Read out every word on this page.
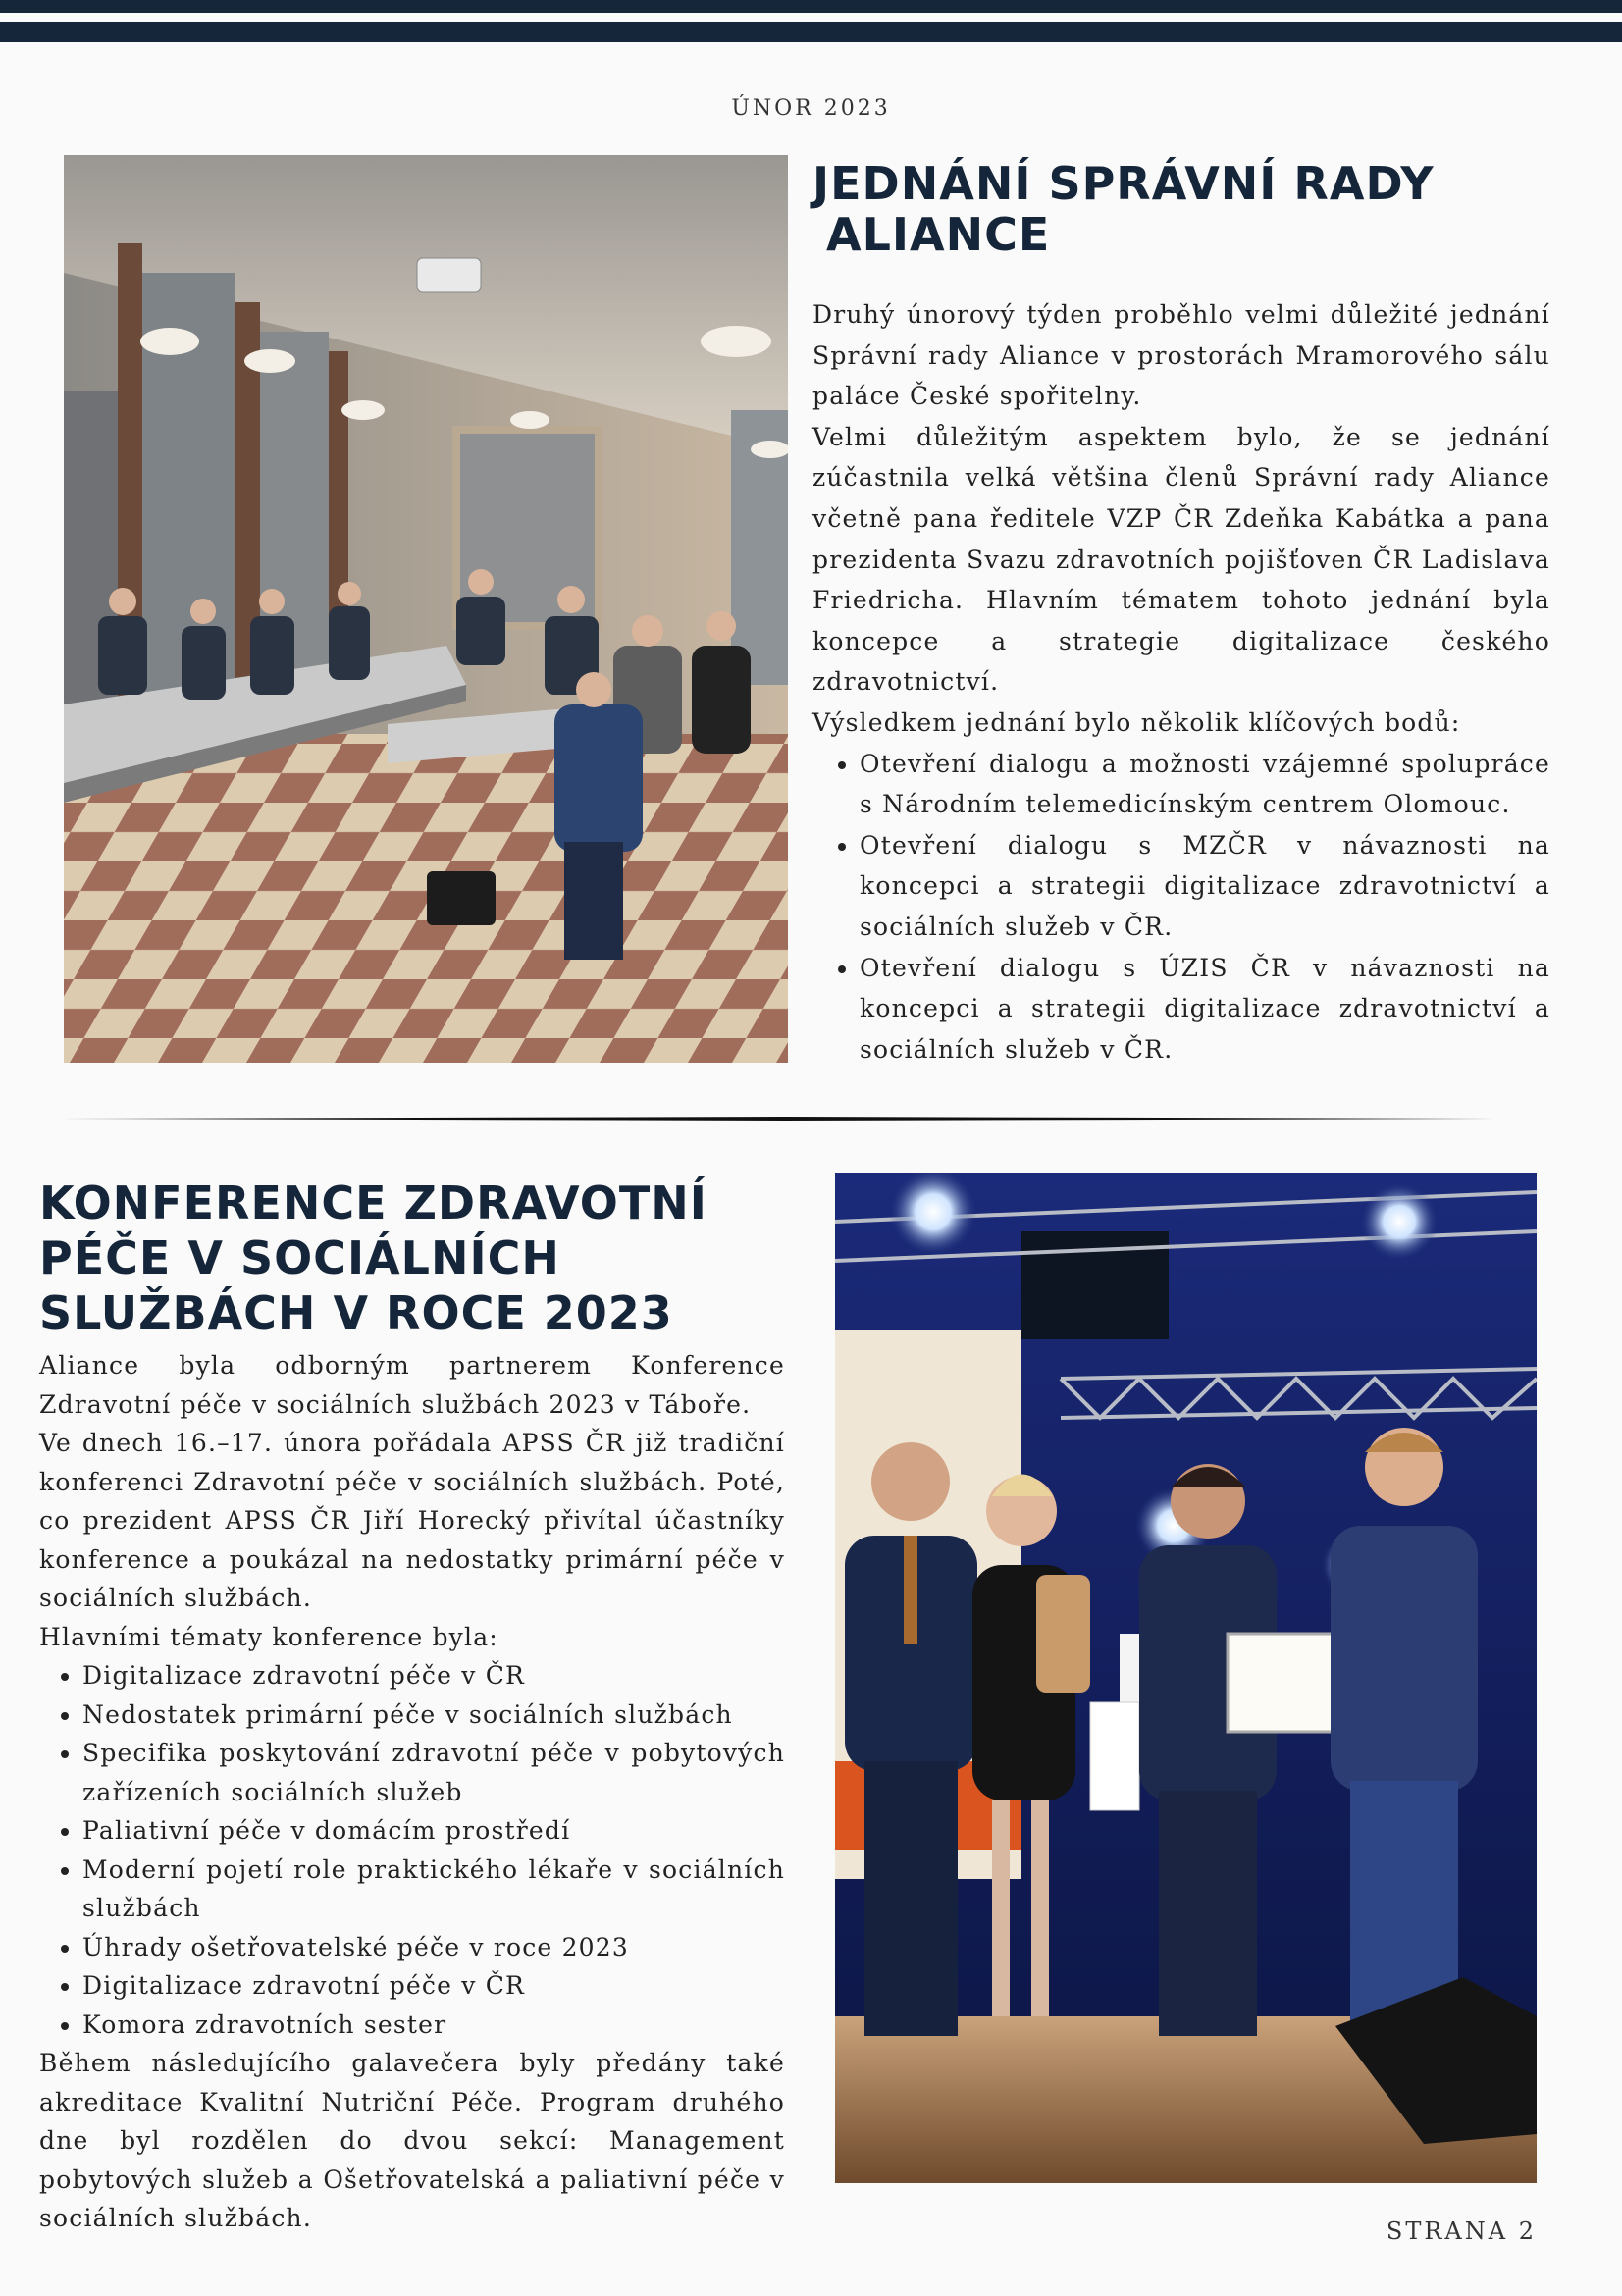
ÚNOR 2023
JEDNÁNÍ SPRÁVNÍ RADY
ALIANCE

Druhý únorový týden proběhlo velmi důležité jednání Správní rady Aliance v prostorách Mramorového sálu paláce České spořitelny.

Velmi důležitým aspektem bylo, že se jednání zúčastnila velká většina členů Správní rady Aliance včetně pana ředitele VZP ČR Zdeňka Kabátka a pana prezidenta Svazu zdravotních pojišťoven ČR Ladislava Friedricha. Hlavním tématem tohoto jednání byla koncepce a strategie digitalizace českého zdravotnictví.

Výsledkem jednání bylo několik klíčových bodů:

• Otevření dialogu a možnosti vzájemné spolupráce s Národním telemedicínským centrem Olomouc.
• Otevření dialogu s MZČR v návaznosti na koncepci a strategii digitalizace zdravotnictví a sociálních služeb v ČR.
• Otevření dialogu s ÚZIS ČR v návaznosti na koncepci a strategii digitalizace zdravotnictví a sociálních služeb v ČR.
KONFERENCE ZDRAVOTNÍ
PÉČE V SOCIÁLNÍCH
SLUŽBÁCH V ROCE 2023

Aliance byla odborným partnerem Konference Zdravotní péče v sociálních službách 2023 v Táboře.

Ve dnech 16.–17. února pořádala APSS ČR již tradiční konferenci Zdravotní péče v sociálních službách. Poté, co prezident APSS ČR Jiří Horecký přivítal účastníky konference a poukázal na nedostatky primární péče v sociálních službách.

Hlavními tématy konference byla:

• Digitalizace zdravotní péče v ČR
• Nedostatek primární péče v sociálních službách
• Specifika poskytování zdravotní péče v pobytových zařízeních sociálních služeb
• Paliativní péče v domácím prostředí
• Moderní pojetí role praktického lékaře v sociálních službách
• Úhrady ošetřovatelské péče v roce 2023
• Digitalizace zdravotní péče v ČR
• Komora zdravotních sester

Během následujícího galavečera byly předány také akreditace Kvalitní Nutriční Péče. Program druhého dne byl rozdělen do dvou sekcí: Management pobytových služeb a Ošetřovatelská a paliativní péče v sociálních službách.	STRANA 2
